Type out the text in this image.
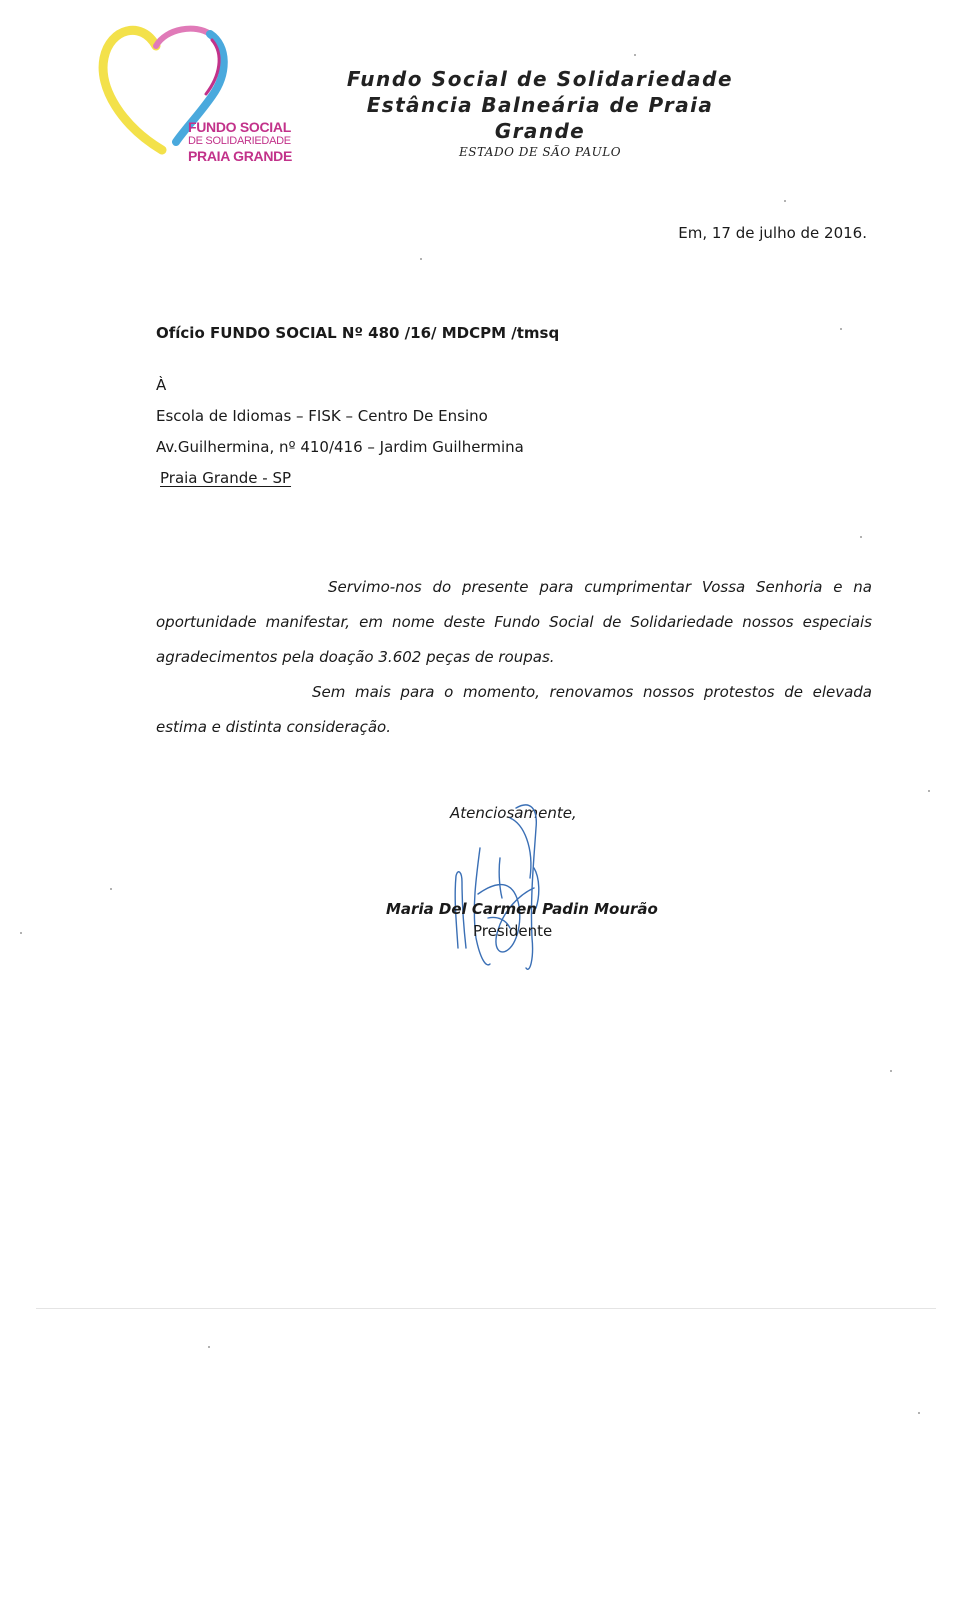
FUNDO SOCIAL
DE SOLIDARIEDADE
PRAIA GRANDE
Fundo Social de Solidariedade
Estância Balneária de Praia Grande
ESTADO DE SÃO PAULO
Em, 17 de julho de 2016.
Ofício FUNDO SOCIAL Nº 480 /16/ MDCPM /tmsq
À
Escola de Idiomas – FISK – Centro De Ensino
Av.Guilhermina, nº 410/416 – Jardim Guilhermina
Praia Grande - SP

Servimo-nos do presente para cumprimentar Vossa Senhoria e na oportunidade manifestar, em nome deste Fundo Social de Solidariedade nossos especiais agradecimentos pela doação 3.602 peças de roupas.

Sem mais para o momento, renovamos nossos protestos de elevada estima e distinta consideração.

Atenciosamente,
Maria Del Carmen Padin Mourão
Presidente
